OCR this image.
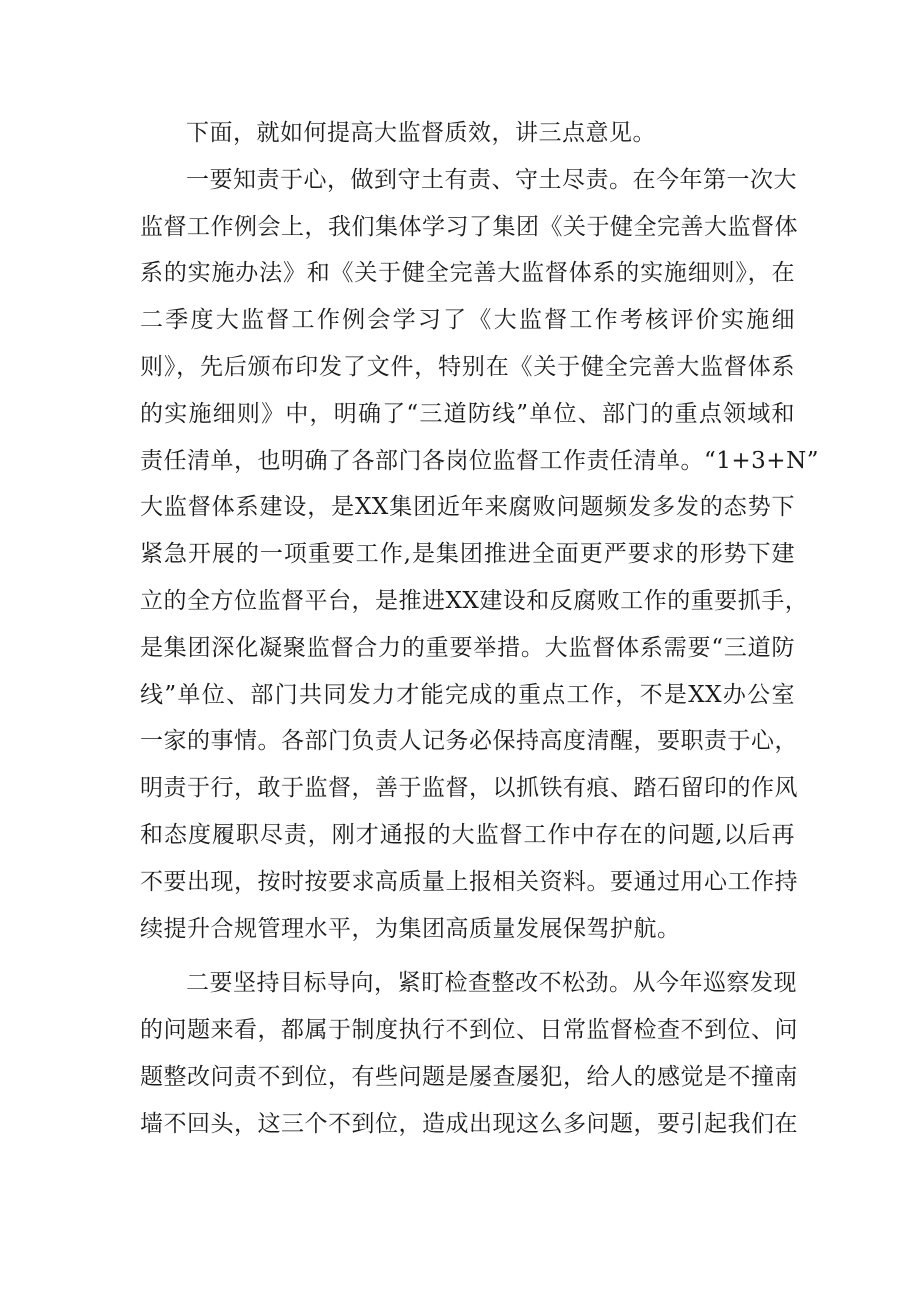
下面，就如何提高大监督质效，讲三点意见。
一要知责于心，做到守土有责、守土尽责。在今年第一次大
监督工作例会上，我们集体学习了集团《关于健全完善大监督体
系的实施办法》和《关于健全完善大监督体系的实施细则》，在
二季度大监督工作例会学习了《大监督工作考核评价实施细
则》，先后颁布印发了文件，特别在《关于健全完善大监督体系
的实施细则》中，明确了“三道防线”单位、部门的重点领域和
责任清单，也明确了各部门各岗位监督工作责任清单。“1+3+N”
大监督体系建设，是XX集团近年来腐败问题频发多发的态势下
紧急开展的一项重要工作,是集团推进全面更严要求的形势下建
立的全方位监督平台，是推进XX建设和反腐败工作的重要抓手，
是集团深化凝聚监督合力的重要举措。大监督体系需要“三道防
线”单位、部门共同发力才能完成的重点工作，不是XX办公室
一家的事情。各部门负责人记务必保持高度清醒，要职责于心，
明责于行，敢于监督，善于监督，以抓铁有痕、踏石留印的作风
和态度履职尽责，刚才通报的大监督工作中存在的问题,以后再
不要出现，按时按要求高质量上报相关资料。要通过用心工作持
续提升合规管理水平，为集团高质量发展保驾护航。
二要坚持目标导向，紧盯检查整改不松劲。从今年巡察发现
的问题来看，都属于制度执行不到位、日常监督检查不到位、问
题整改问责不到位，有些问题是屡查屡犯，给人的感觉是不撞南
墙不回头，这三个不到位，造成出现这么多问题，要引起我们在
